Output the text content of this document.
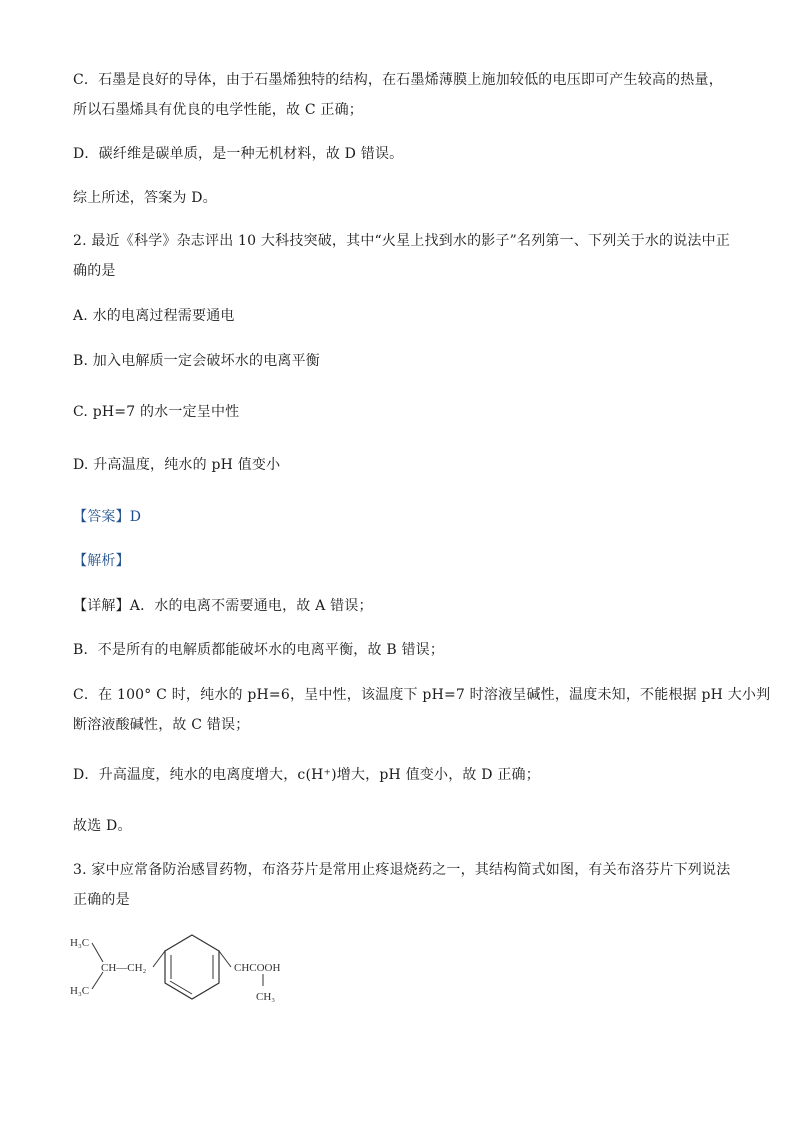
C．石墨是良好的导体，由于石墨烯独特的结构，在石墨烯薄膜上施加较低的电压即可产生较高的热量，
所以石墨烯具有优良的电学性能，故 C 正确；
D．碳纤维是碳单质，是一种无机材料，故 D 错误。
综上所述，答案为 D。
2. 最近《科学》杂志评出 10 大科技突破，其中“火星上找到水的影子”名列第一、下列关于水的说法中正
确的是
A. 水的电离过程需要通电
B. 加入电解质一定会破坏水的电离平衡
C. pH=7 的水一定呈中性
D. 升高温度，纯水的 pH 值变小
【答案】D
【解析】
【详解】A．水的电离不需要通电，故 A 错误；
B．不是所有的电解质都能破坏水的电离平衡，故 B 错误；
C．在 100° C 时，纯水的 pH=6，呈中性，该温度下 pH=7 时溶液呈碱性，温度未知，不能根据 pH 大小判
断溶液酸碱性，故 C 错误；
D．升高温度，纯水的电离度增大，c(H⁺)增大，pH 值变小，故 D 正确；
故选 D。
3. 家中应常备防治感冒药物，布洛芬片是常用止疼退烧药之一，其结构简式如图，有关布洛芬片下列说法
正确的是
H₃C
H₃C
CH—CH₂	CHCOOH
CH₃
